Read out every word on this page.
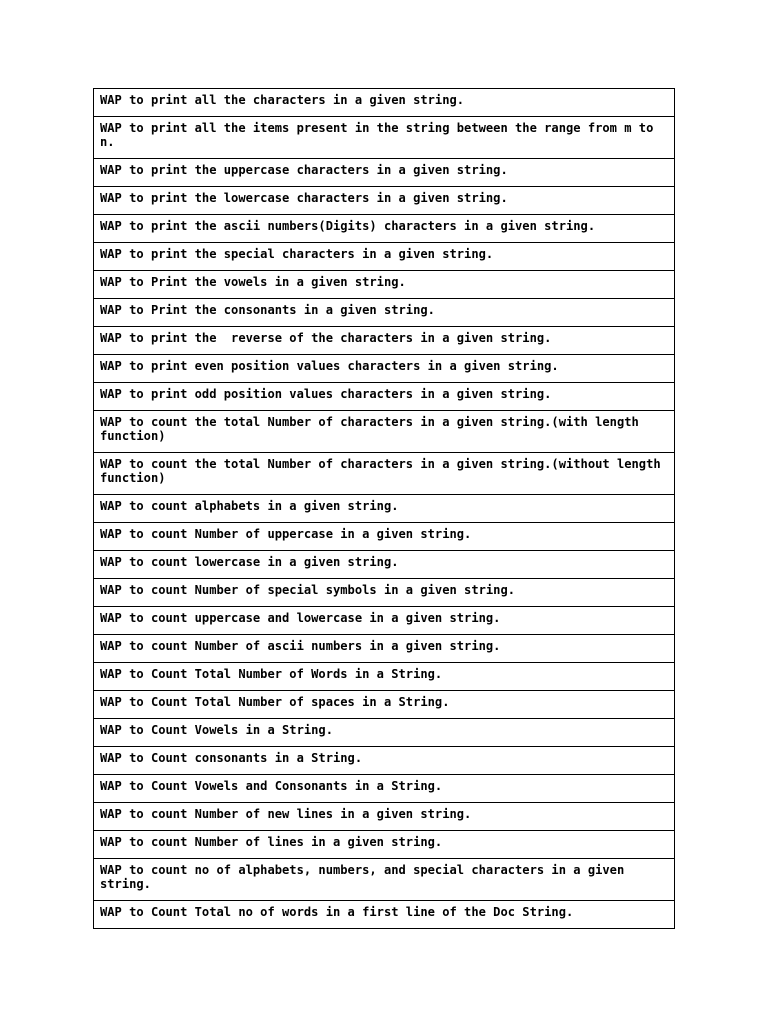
WAP to print all the characters in a given string.
WAP to print all the items present in the string between the range from m to n.
WAP to print the uppercase characters in a given string.
WAP to print the lowercase characters in a given string.
WAP to print the ascii numbers(Digits) characters in a given string.
WAP to print the special characters in a given string.
WAP to Print the vowels in a given string.
WAP to Print the consonants in a given string.
WAP to print the  reverse of the characters in a given string.
WAP to print even position values characters in a given string.
WAP to print odd position values characters in a given string.
WAP to count the total Number of characters in a given string.(with length function)
WAP to count the total Number of characters in a given string.(without length function)
WAP to count alphabets in a given string.
WAP to count Number of uppercase in a given string.
WAP to count lowercase in a given string.
WAP to count Number of special symbols in a given string.
WAP to count uppercase and lowercase in a given string.
WAP to count Number of ascii numbers in a given string.
WAP to Count Total Number of Words in a String.
WAP to Count Total Number of spaces in a String.
WAP to Count Vowels in a String.
WAP to Count consonants in a String.
WAP to Count Vowels and Consonants in a String.
WAP to count Number of new lines in a given string.
WAP to count Number of lines in a given string.
WAP to count no of alphabets, numbers, and special characters in a given string.
WAP to Count Total no of words in a first line of the Doc String.
